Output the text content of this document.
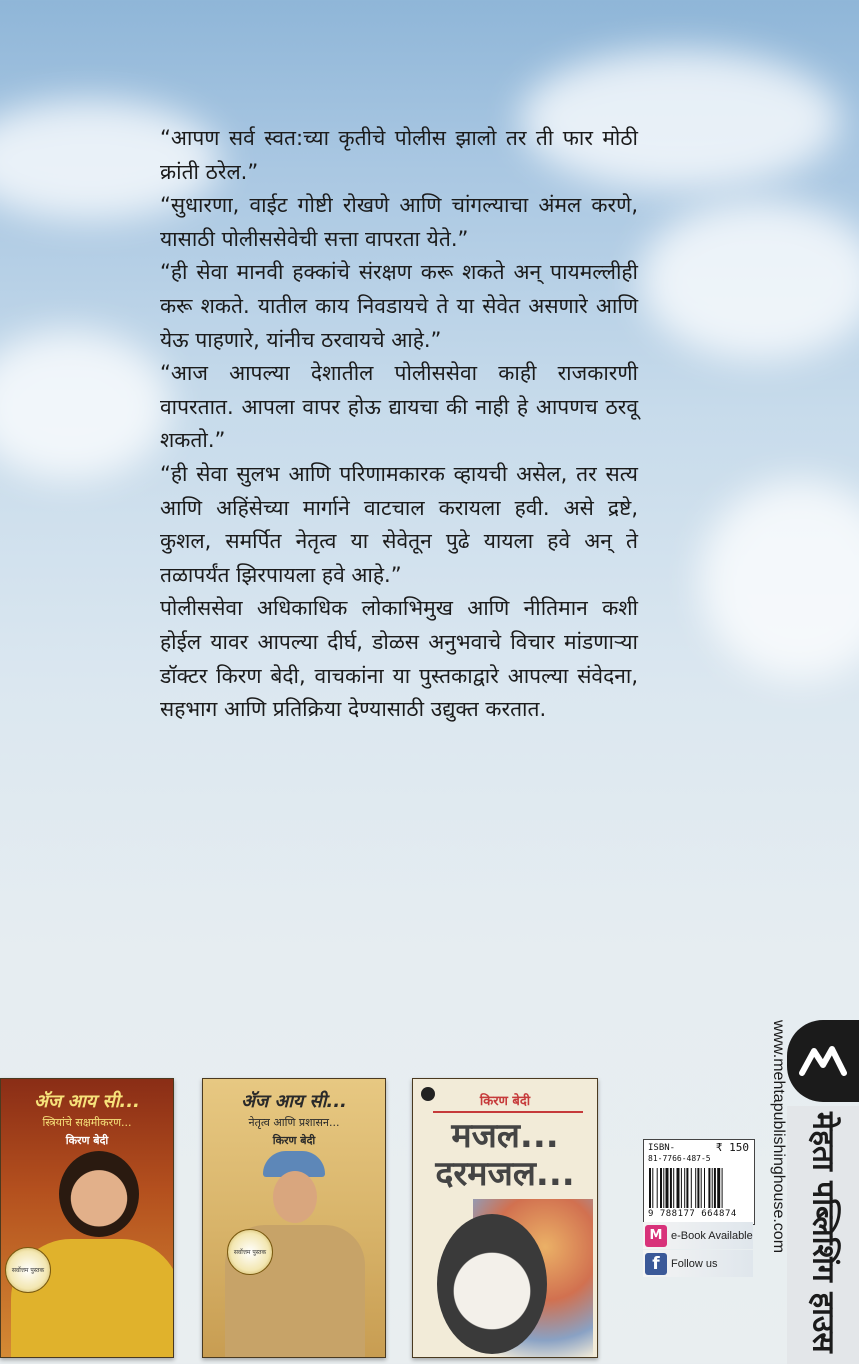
“आपण सर्व स्वत:च्या कृतीचे पोलीस झालो तर ती फार मोठी क्रांती ठरेल.”

“सुधारणा, वाईट गोष्टी रोखणे आणि चांगल्याचा अंमल करणे, यासाठी पोलीससेवेची सत्ता वापरता येते.”

“ही सेवा मानवी हक्कांचे संरक्षण करू शकते अन् पायमल्लीही करू शकते. यातील काय निवडायचे ते या सेवेत असणारे आणि येऊ पाहणारे, यांनीच ठरवायचे आहे.”

“आज आपल्या देशातील पोलीससेवा काही राजकारणी वापरतात. आपला वापर होऊ द्यायचा की नाही हे आपणच ठरवू शकतो.”

“ही सेवा सुलभ आणि परिणामकारक व्हायची असेल, तर सत्य आणि अहिंसेच्या मार्गाने वाटचाल करायला हवी. असे द्रष्टे, कुशल, समर्पित नेतृत्व या सेवेतून पुढे यायला हवे अन् ते तळापर्यंत झिरपायला हवे आहे.”

पोलीससेवा अधिकाधिक लोकाभिमुख आणि नीतिमान कशी होईल यावर आपल्या दीर्घ, डोळस अनुभवाचे विचार मांडणाऱ्या डॉक्टर किरण बेदी, वाचकांना या पुस्तकाद्वारे आपल्या संवेदना, सहभाग आणि प्रतिक्रिया देण्यासाठी उद्युक्त करतात.

ॲज आय सी...
स्त्रियांचे सक्षमीकरण...
किरण बेदी
सर्वोत्तम पुस्तक
ॲज आय सी...
नेतृत्व आणि प्रशासन...
किरण बेदी
सर्वोत्तम पुस्तक
किरण बेदी
मजल... दरमजल...
ISBN-	₹ 150
81-7766-487-5
9 788177 664874
M e-Book Available
f	Follow us
www.mehtapublishinghouse.com मेहता पब्लिशिंग हाउस
